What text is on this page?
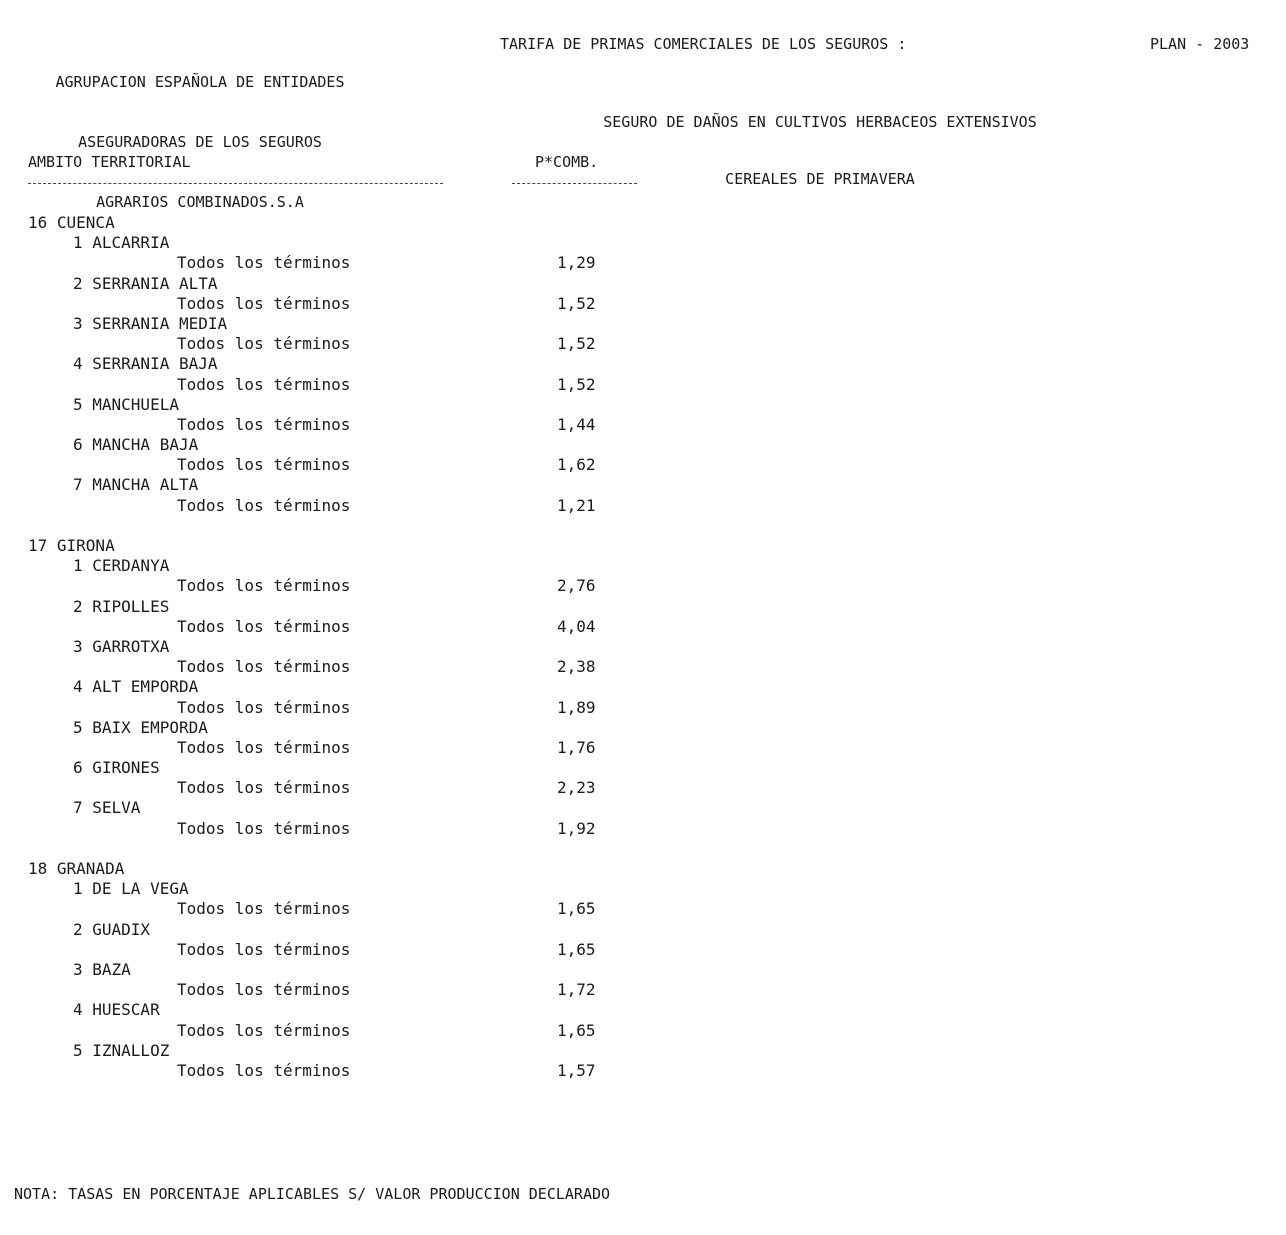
AGRUPACION ESPAÑOLA DE ENTIDADES

ASEGURADORAS DE LOS SEGUROS

AGRARIOS COMBINADOS.S.A

TARIFA DE PRIMAS COMERCIALES DE LOS SEGUROS :	PLAN - 2003

SEGURO DE DAÑOS EN CULTIVOS HERBACEOS EXTENSIVOS

CEREALES DE PRIMAVERA

AMBITO TERRITORIAL	P*COMB.
16 CUENCA
1 ALCARRIA
Todos los términos	1,29
2 SERRANIA ALTA
Todos los términos	1,52
3 SERRANIA MEDIA
Todos los términos	1,52
4 SERRANIA BAJA
Todos los términos	1,52
5 MANCHUELA
Todos los términos	1,44
6 MANCHA BAJA
Todos los términos	1,62
7 MANCHA ALTA
Todos los términos	1,21
17 GIRONA
1 CERDANYA
Todos los términos	2,76
2 RIPOLLES
Todos los términos	4,04
3 GARROTXA
Todos los términos	2,38
4 ALT EMPORDA
Todos los términos	1,89
5 BAIX EMPORDA
Todos los términos	1,76
6 GIRONES
Todos los términos	2,23
7 SELVA
Todos los términos	1,92
18 GRANADA
1 DE LA VEGA
Todos los términos	1,65
2 GUADIX
Todos los términos	1,65
3 BAZA
Todos los términos	1,72
4 HUESCAR
Todos los términos	1,65
5 IZNALLOZ
Todos los términos	1,57
NOTA: TASAS EN PORCENTAJE APLICABLES S/ VALOR PRODUCCION DECLARADO
